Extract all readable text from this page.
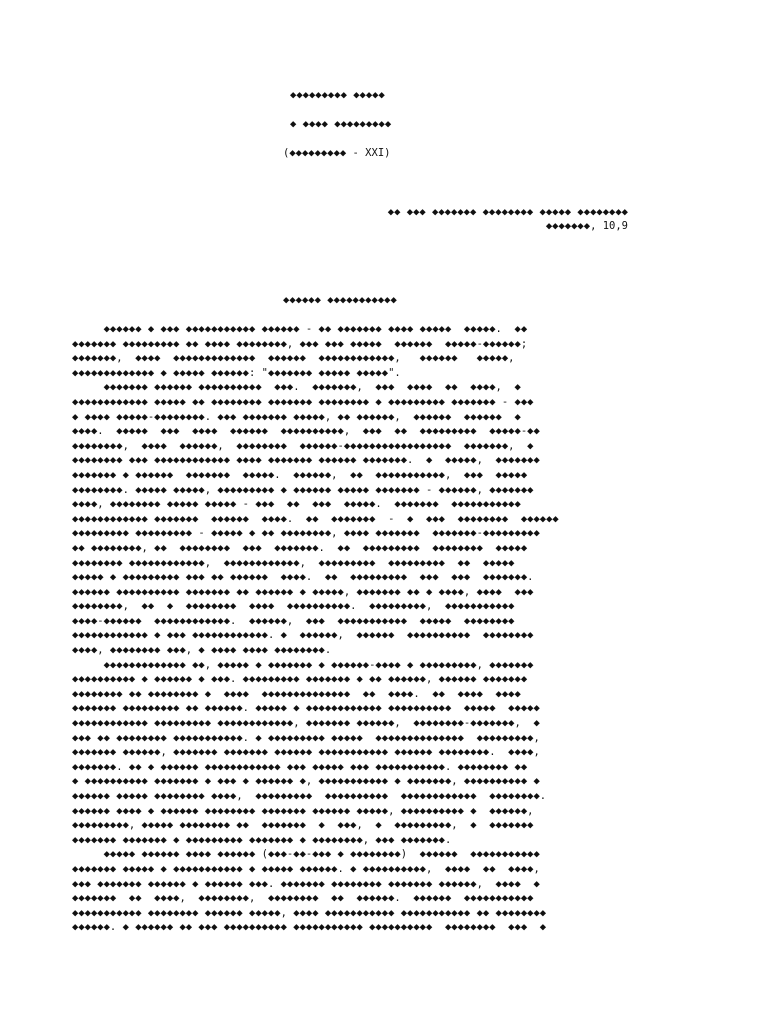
◆◆◆◆◆◆◆◆◆ ◆◆◆◆◆
◆ ◆◆◆◆ ◆◆◆◆◆◆◆◆◆
(◆◆◆◆◆◆◆◆◆ - XXI)
◆◆ ◆◆◆ ◆◆◆◆◆◆◆ ◆◆◆◆◆◆◆◆ ◆◆◆◆◆ ◆◆◆◆◆◆◆◆
◆◆◆◆◆◆◆, 10,9
◆◆◆◆◆◆ ◆◆◆◆◆◆◆◆◆◆◆
◆◆◆◆◆◆ ◆ ◆◆◆ ◆◆◆◆◆◆◆◆◆◆◆ ◆◆◆◆◆◆ - ◆◆ ◆◆◆◆◆◆◆ ◆◆◆◆ ◆◆◆◆◆  ◆◆◆◆◆.  ◆◆
◆◆◆◆◆◆◆ ◆◆◆◆◆◆◆◆◆ ◆◆ ◆◆◆◆ ◆◆◆◆◆◆◆◆, ◆◆◆ ◆◆◆ ◆◆◆◆◆  ◆◆◆◆◆◆  ◆◆◆◆◆-◆◆◆◆◆◆;
◆◆◆◆◆◆◆,  ◆◆◆◆  ◆◆◆◆◆◆◆◆◆◆◆◆◆  ◆◆◆◆◆◆  ◆◆◆◆◆◆◆◆◆◆◆◆,   ◆◆◆◆◆◆   ◆◆◆◆◆,
◆◆◆◆◆◆◆◆◆◆◆◆◆ ◆ ◆◆◆◆◆ ◆◆◆◆◆◆: "◆◆◆◆◆◆◆ ◆◆◆◆◆ ◆◆◆◆◆".
◆◆◆◆◆◆◆ ◆◆◆◆◆◆ ◆◆◆◆◆◆◆◆◆◆  ◆◆◆.  ◆◆◆◆◆◆◆,  ◆◆◆  ◆◆◆◆  ◆◆  ◆◆◆◆,  ◆
◆◆◆◆◆◆◆◆◆◆◆◆ ◆◆◆◆◆ ◆◆ ◆◆◆◆◆◆◆◆ ◆◆◆◆◆◆◆ ◆◆◆◆◆◆◆◆ ◆ ◆◆◆◆◆◆◆◆◆ ◆◆◆◆◆◆◆ - ◆◆◆
◆ ◆◆◆◆ ◆◆◆◆◆-◆◆◆◆◆◆◆◆. ◆◆◆ ◆◆◆◆◆◆◆ ◆◆◆◆◆, ◆◆ ◆◆◆◆◆◆,  ◆◆◆◆◆◆  ◆◆◆◆◆◆  ◆
◆◆◆◆.  ◆◆◆◆◆  ◆◆◆  ◆◆◆◆  ◆◆◆◆◆◆  ◆◆◆◆◆◆◆◆◆◆,  ◆◆◆  ◆◆  ◆◆◆◆◆◆◆◆◆  ◆◆◆◆◆-◆◆
◆◆◆◆◆◆◆◆,  ◆◆◆◆  ◆◆◆◆◆◆,  ◆◆◆◆◆◆◆◆  ◆◆◆◆◆◆-◆◆◆◆◆◆◆◆◆◆◆◆◆◆◆◆◆  ◆◆◆◆◆◆◆,  ◆
◆◆◆◆◆◆◆◆ ◆◆◆ ◆◆◆◆◆◆◆◆◆◆◆◆ ◆◆◆◆ ◆◆◆◆◆◆◆ ◆◆◆◆◆◆ ◆◆◆◆◆◆◆.  ◆  ◆◆◆◆◆,  ◆◆◆◆◆◆◆
◆◆◆◆◆◆◆ ◆ ◆◆◆◆◆◆  ◆◆◆◆◆◆◆  ◆◆◆◆◆.  ◆◆◆◆◆◆,  ◆◆  ◆◆◆◆◆◆◆◆◆◆◆,  ◆◆◆  ◆◆◆◆◆
◆◆◆◆◆◆◆◆. ◆◆◆◆◆ ◆◆◆◆◆, ◆◆◆◆◆◆◆◆◆ ◆ ◆◆◆◆◆◆ ◆◆◆◆◆ ◆◆◆◆◆◆◆ - ◆◆◆◆◆◆, ◆◆◆◆◆◆◆
◆◆◆◆, ◆◆◆◆◆◆◆◆ ◆◆◆◆◆ ◆◆◆◆◆ - ◆◆◆  ◆◆  ◆◆◆  ◆◆◆◆◆.  ◆◆◆◆◆◆◆  ◆◆◆◆◆◆◆◆◆◆◆
◆◆◆◆◆◆◆◆◆◆◆◆ ◆◆◆◆◆◆◆  ◆◆◆◆◆◆  ◆◆◆◆.  ◆◆  ◆◆◆◆◆◆◆  -  ◆  ◆◆◆  ◆◆◆◆◆◆◆◆  ◆◆◆◆◆◆
◆◆◆◆◆◆◆◆◆ ◆◆◆◆◆◆◆◆◆ - ◆◆◆◆◆ ◆ ◆◆ ◆◆◆◆◆◆◆◆, ◆◆◆◆ ◆◆◆◆◆◆◆  ◆◆◆◆◆◆◆-◆◆◆◆◆◆◆◆◆
◆◆ ◆◆◆◆◆◆◆◆, ◆◆  ◆◆◆◆◆◆◆◆  ◆◆◆  ◆◆◆◆◆◆◆.  ◆◆  ◆◆◆◆◆◆◆◆◆  ◆◆◆◆◆◆◆◆  ◆◆◆◆◆
◆◆◆◆◆◆◆◆ ◆◆◆◆◆◆◆◆◆◆◆◆,  ◆◆◆◆◆◆◆◆◆◆◆◆,  ◆◆◆◆◆◆◆◆◆  ◆◆◆◆◆◆◆◆◆  ◆◆  ◆◆◆◆◆
◆◆◆◆◆ ◆ ◆◆◆◆◆◆◆◆◆ ◆◆◆ ◆◆ ◆◆◆◆◆◆  ◆◆◆◆.  ◆◆  ◆◆◆◆◆◆◆◆◆  ◆◆◆  ◆◆◆  ◆◆◆◆◆◆◆.
◆◆◆◆◆◆ ◆◆◆◆◆◆◆◆◆◆ ◆◆◆◆◆◆◆ ◆◆ ◆◆◆◆◆◆ ◆ ◆◆◆◆◆, ◆◆◆◆◆◆◆ ◆◆ ◆ ◆◆◆◆, ◆◆◆◆  ◆◆◆
◆◆◆◆◆◆◆◆,  ◆◆  ◆  ◆◆◆◆◆◆◆◆  ◆◆◆◆  ◆◆◆◆◆◆◆◆◆◆.  ◆◆◆◆◆◆◆◆◆,  ◆◆◆◆◆◆◆◆◆◆◆
◆◆◆◆-◆◆◆◆◆◆  ◆◆◆◆◆◆◆◆◆◆◆◆.  ◆◆◆◆◆◆,  ◆◆◆  ◆◆◆◆◆◆◆◆◆◆◆  ◆◆◆◆◆  ◆◆◆◆◆◆◆◆
◆◆◆◆◆◆◆◆◆◆◆◆ ◆ ◆◆◆ ◆◆◆◆◆◆◆◆◆◆◆◆. ◆  ◆◆◆◆◆◆,  ◆◆◆◆◆◆  ◆◆◆◆◆◆◆◆◆◆  ◆◆◆◆◆◆◆◆
◆◆◆◆, ◆◆◆◆◆◆◆◆ ◆◆◆, ◆ ◆◆◆◆ ◆◆◆◆ ◆◆◆◆◆◆◆◆.
◆◆◆◆◆◆◆◆◆◆◆◆◆ ◆◆, ◆◆◆◆◆ ◆ ◆◆◆◆◆◆◆ ◆ ◆◆◆◆◆◆-◆◆◆◆ ◆ ◆◆◆◆◆◆◆◆◆, ◆◆◆◆◆◆◆
◆◆◆◆◆◆◆◆◆◆ ◆ ◆◆◆◆◆◆ ◆ ◆◆◆. ◆◆◆◆◆◆◆◆◆ ◆◆◆◆◆◆◆ ◆ ◆◆ ◆◆◆◆◆◆, ◆◆◆◆◆◆ ◆◆◆◆◆◆◆
◆◆◆◆◆◆◆◆ ◆◆ ◆◆◆◆◆◆◆◆ ◆  ◆◆◆◆  ◆◆◆◆◆◆◆◆◆◆◆◆◆◆  ◆◆  ◆◆◆◆.  ◆◆  ◆◆◆◆  ◆◆◆◆
◆◆◆◆◆◆◆ ◆◆◆◆◆◆◆◆◆ ◆◆ ◆◆◆◆◆◆. ◆◆◆◆◆ ◆ ◆◆◆◆◆◆◆◆◆◆◆◆ ◆◆◆◆◆◆◆◆◆◆  ◆◆◆◆◆  ◆◆◆◆◆
◆◆◆◆◆◆◆◆◆◆◆◆ ◆◆◆◆◆◆◆◆◆ ◆◆◆◆◆◆◆◆◆◆◆◆, ◆◆◆◆◆◆◆ ◆◆◆◆◆◆,  ◆◆◆◆◆◆◆◆-◆◆◆◆◆◆◆,  ◆
◆◆◆ ◆◆ ◆◆◆◆◆◆◆◆ ◆◆◆◆◆◆◆◆◆◆◆. ◆ ◆◆◆◆◆◆◆◆◆ ◆◆◆◆◆  ◆◆◆◆◆◆◆◆◆◆◆◆◆◆  ◆◆◆◆◆◆◆◆◆,
◆◆◆◆◆◆◆ ◆◆◆◆◆◆, ◆◆◆◆◆◆◆ ◆◆◆◆◆◆◆ ◆◆◆◆◆◆ ◆◆◆◆◆◆◆◆◆◆◆ ◆◆◆◆◆◆ ◆◆◆◆◆◆◆◆.  ◆◆◆◆,
◆◆◆◆◆◆◆. ◆◆ ◆ ◆◆◆◆◆◆ ◆◆◆◆◆◆◆◆◆◆◆◆ ◆◆◆ ◆◆◆◆◆ ◆◆◆ ◆◆◆◆◆◆◆◆◆◆◆. ◆◆◆◆◆◆◆◆ ◆◆
◆ ◆◆◆◆◆◆◆◆◆◆ ◆◆◆◆◆◆◆ ◆ ◆◆◆ ◆ ◆◆◆◆◆◆ ◆, ◆◆◆◆◆◆◆◆◆◆◆ ◆ ◆◆◆◆◆◆◆, ◆◆◆◆◆◆◆◆◆◆ ◆
◆◆◆◆◆◆ ◆◆◆◆◆ ◆◆◆◆◆◆◆◆ ◆◆◆◆,  ◆◆◆◆◆◆◆◆◆  ◆◆◆◆◆◆◆◆◆◆  ◆◆◆◆◆◆◆◆◆◆◆◆  ◆◆◆◆◆◆◆◆.
◆◆◆◆◆◆ ◆◆◆◆ ◆ ◆◆◆◆◆◆ ◆◆◆◆◆◆◆◆ ◆◆◆◆◆◆◆ ◆◆◆◆◆◆ ◆◆◆◆◆, ◆◆◆◆◆◆◆◆◆◆ ◆  ◆◆◆◆◆◆,
◆◆◆◆◆◆◆◆◆, ◆◆◆◆◆ ◆◆◆◆◆◆◆◆ ◆◆  ◆◆◆◆◆◆◆  ◆  ◆◆◆,  ◆  ◆◆◆◆◆◆◆◆◆,  ◆  ◆◆◆◆◆◆◆
◆◆◆◆◆◆◆ ◆◆◆◆◆◆◆ ◆ ◆◆◆◆◆◆◆◆◆ ◆◆◆◆◆◆◆ ◆ ◆◆◆◆◆◆◆◆, ◆◆◆ ◆◆◆◆◆◆◆.
◆◆◆◆◆ ◆◆◆◆◆◆ ◆◆◆◆ ◆◆◆◆◆◆ (◆◆◆-◆◆-◆◆◆ ◆ ◆◆◆◆◆◆◆◆)  ◆◆◆◆◆◆  ◆◆◆◆◆◆◆◆◆◆◆
◆◆◆◆◆◆◆ ◆◆◆◆◆ ◆ ◆◆◆◆◆◆◆◆◆◆◆ ◆ ◆◆◆◆◆ ◆◆◆◆◆◆. ◆ ◆◆◆◆◆◆◆◆◆◆,  ◆◆◆◆  ◆◆  ◆◆◆◆,
◆◆◆ ◆◆◆◆◆◆◆ ◆◆◆◆◆◆ ◆ ◆◆◆◆◆◆ ◆◆◆. ◆◆◆◆◆◆◆ ◆◆◆◆◆◆◆◆ ◆◆◆◆◆◆◆ ◆◆◆◆◆◆,  ◆◆◆◆  ◆
◆◆◆◆◆◆◆  ◆◆  ◆◆◆◆,  ◆◆◆◆◆◆◆◆,  ◆◆◆◆◆◆◆◆  ◆◆  ◆◆◆◆◆◆.  ◆◆◆◆◆◆  ◆◆◆◆◆◆◆◆◆◆◆
◆◆◆◆◆◆◆◆◆◆◆ ◆◆◆◆◆◆◆◆ ◆◆◆◆◆◆ ◆◆◆◆◆, ◆◆◆◆ ◆◆◆◆◆◆◆◆◆◆◆ ◆◆◆◆◆◆◆◆◆◆◆ ◆◆ ◆◆◆◆◆◆◆◆
◆◆◆◆◆◆. ◆ ◆◆◆◆◆◆ ◆◆ ◆◆◆ ◆◆◆◆◆◆◆◆◆◆ ◆◆◆◆◆◆◆◆◆◆◆ ◆◆◆◆◆◆◆◆◆◆  ◆◆◆◆◆◆◆◆  ◆◆◆  ◆
